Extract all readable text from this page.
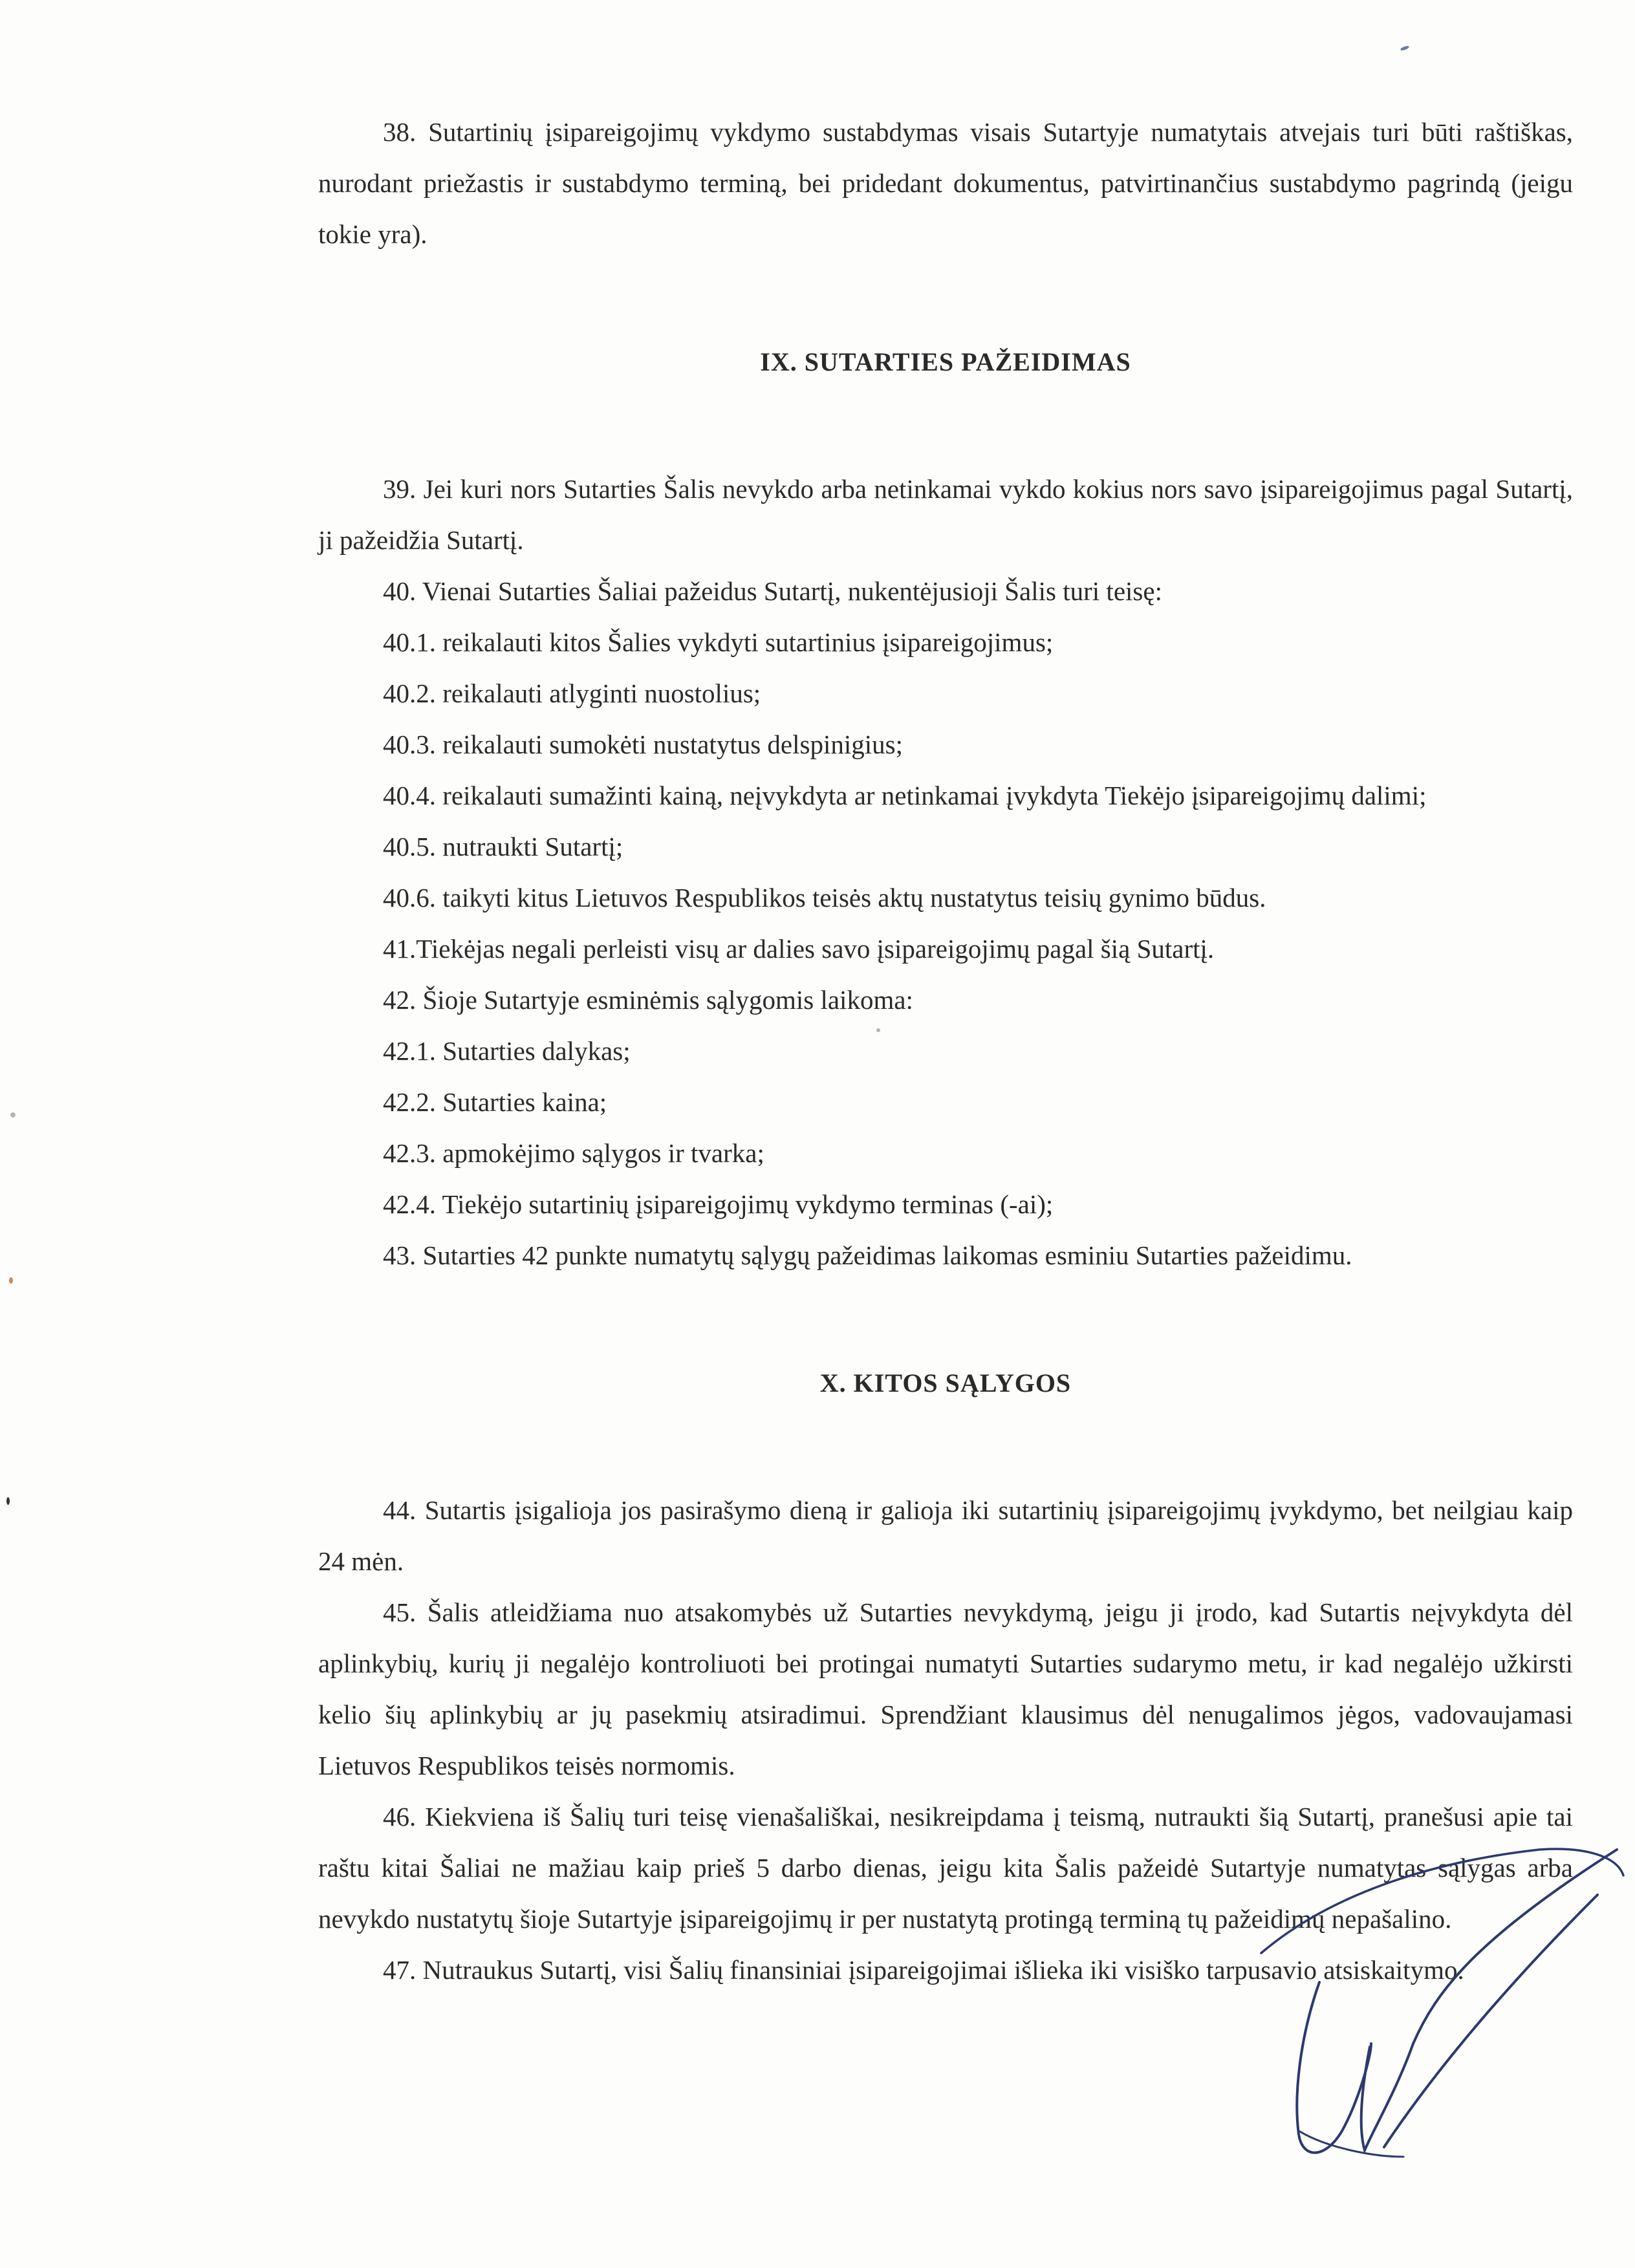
38. Sutartinių įsipareigojimų vykdymo sustabdymas visais Sutartyje numatytais atvejais turi būti raštiškas, nurodant priežastis ir sustabdymo terminą, bei pridedant dokumentus, patvirtinančius sustabdymo pagrindą (jeigu tokie yra).

IX. SUTARTIES PAŽEIDIMAS

39. Jei kuri nors Sutarties Šalis nevykdo arba netinkamai vykdo kokius nors savo įsipareigojimus pagal Sutartį, ji pažeidžia Sutartį.

40. Vienai Sutarties Šaliai pažeidus Sutartį, nukentėjusioji Šalis turi teisę:

40.1. reikalauti kitos Šalies vykdyti sutartinius įsipareigojimus;

40.2. reikalauti atlyginti nuostolius;

40.3. reikalauti sumokėti nustatytus delspinigius;

40.4. reikalauti sumažinti kainą, neįvykdyta ar netinkamai įvykdyta Tiekėjo įsipareigojimų dalimi;

40.5. nutraukti Sutartį;

40.6. taikyti kitus Lietuvos Respublikos teisės aktų nustatytus teisių gynimo būdus.

41.Tiekėjas negali perleisti visų ar dalies savo įsipareigojimų pagal šią Sutartį.

42. Šioje Sutartyje esminėmis sąlygomis laikoma:

42.1. Sutarties dalykas;

42.2. Sutarties kaina;

42.3. apmokėjimo sąlygos ir tvarka;

42.4. Tiekėjo sutartinių įsipareigojimų vykdymo terminas (-ai);

43. Sutarties 42 punkte numatytų sąlygų pažeidimas laikomas esminiu Sutarties pažeidimu.

X. KITOS SĄLYGOS

44. Sutartis įsigalioja jos pasirašymo dieną ir galioja iki sutartinių įsipareigojimų įvykdymo, bet neilgiau kaip 24 mėn.

45. Šalis atleidžiama nuo atsakomybės už Sutarties nevykdymą, jeigu ji įrodo, kad Sutartis neįvykdyta dėl aplinkybių, kurių ji negalėjo kontroliuoti bei protingai numatyti Sutarties sudarymo metu, ir kad negalėjo užkirsti kelio šių aplinkybių ar jų pasekmių atsiradimui. Sprendžiant klausimus dėl nenugalimos jėgos, vadovaujamasi Lietuvos Respublikos teisės normomis.

46. Kiekviena iš Šalių turi teisę vienašališkai, nesikreipdama į teismą, nutraukti šią Sutartį, pranešusi apie tai raštu kitai Šaliai ne mažiau kaip prieš 5 darbo dienas, jeigu kita Šalis pažeidė Sutartyje numatytas sąlygas arba nevykdo nustatytų šioje Sutartyje įsipareigojimų ir per nustatytą protingą terminą tų pažeidimų nepašalino.

47. Nutraukus Sutartį, visi Šalių finansiniai įsipareigojimai išlieka iki visiško tarpusavio atsiskaitymo.
